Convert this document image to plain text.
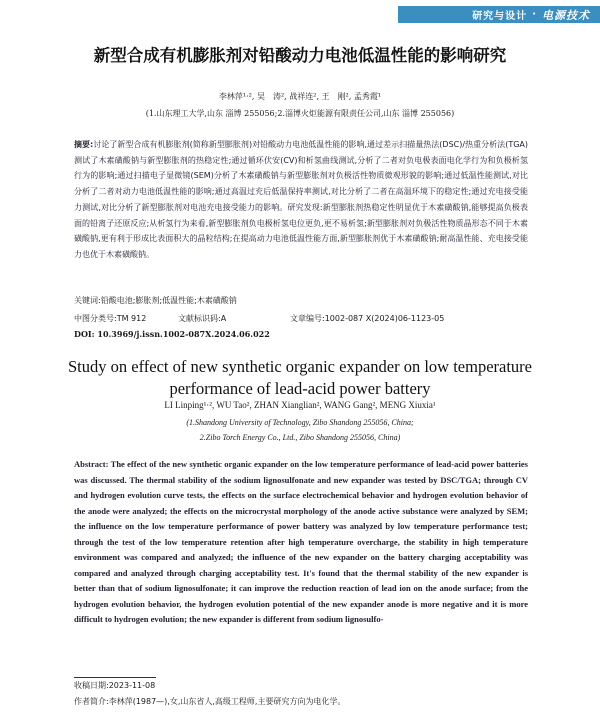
研究与设计 · 电源技术
新型合成有机膨胀剂对铅酸动力电池低温性能的影响研究
李林萍¹·², 吴　涛², 战祥连², 王　刚², 孟秀霞¹
(1.山东理工大学,山东 淄博 255056;2.淄博火炬能源有限责任公司,山东 淄博 255056)
摘要:讨论了新型合成有机膨胀剂(简称新型膨胀剂)对铅酸动力电池低温性能的影响,通过差示扫描量热法(DSC)/热重分析法(TGA)测试了木素磺酸钠与新型膨胀剂的热稳定性;通过循环伏安(CV)和析氢曲线测试,分析了二者对负电极表面电化学行为和负极析氢行为的影响;通过扫描电子显微镜(SEM)分析了木素磺酸钠与新型膨胀剂对负极活性物质微观形貌的影响;通过低温性能测试,对比分析了二者对动力电池低温性能的影响;通过高温过充后低温保持率测试,对比分析了二者在高温环境下的稳定性;通过充电接受能力测试,对比分析了新型膨胀剂对电池充电接受能力的影响。研究发现:新型膨胀剂热稳定性明显优于木素磺酸钠,能够提高负极表面的铅离子还原反应;从析氢行为来看,新型膨胀剂负电极析氢电位更负,更不易析氢;新型膨胀剂对负极活性物质晶形态不同于木素磺酸钠,更有利于形成比表面积大的晶粒结构;在提高动力电池低温性能方面,新型膨胀剂优于木素磺酸钠;耐高温性能、充电接受能力也优于木素磺酸钠。
关键词:铅酸电池;膨胀剂;低温性能;木素磺酸钠
中图分类号:TM 912	文献标识码:A	文章编号:1002-087 X(2024)06-1123-05
DOI: 10.3969/j.issn.1002-087X.2024.06.022
Study on effect of new synthetic organic expander on low temperature performance of lead-acid power battery
LI Linping¹·², WU Tao², ZHAN Xianglian², WANG Gang², MENG Xiuxia¹
(1.Shandong University of Technology, Zibo Shandong 255056, China;
2.Zibo Torch Energy Co., Ltd., Zibo Shandong 255056, China)
Abstract: The effect of the new synthetic organic expander on the low temperature performance of lead-acid power batteries was discussed. The thermal stability of the sodium lignosulfonate and new expander was tested by DSC/TGA; through CV and hydrogen evolution curve tests, the effects on the surface electrochemical behavior and hydrogen evolution behavior of the anode were analyzed; the effects on the microcrystal morphology of the anode active substance were analyzed by SEM; the influence on the low temperature performance of power battery was analyzed by low temperature performance test; through the test of the low temperature retention after high temperature overcharge, the stability in high temperature environment was compared and analyzed; the influence of the new expander on the battery charging acceptability was compared and analyzed through charging acceptability test. It's found that the thermal stability of the new expander is better than that of sodium lignosulfonate; it can improve the reduction reaction of lead ion on the anode surface; from the hydrogen evolution behavior, the hydrogen evolution potential of the new expander anode is more negative and it is more difficult to hydrogen evolution; the new expander is different from sodium lignosulfo-
收稿日期:2023-11-08
作者简介:李林萍(1987—),女,山东省人,高级工程师,主要研究方向为电化学。
